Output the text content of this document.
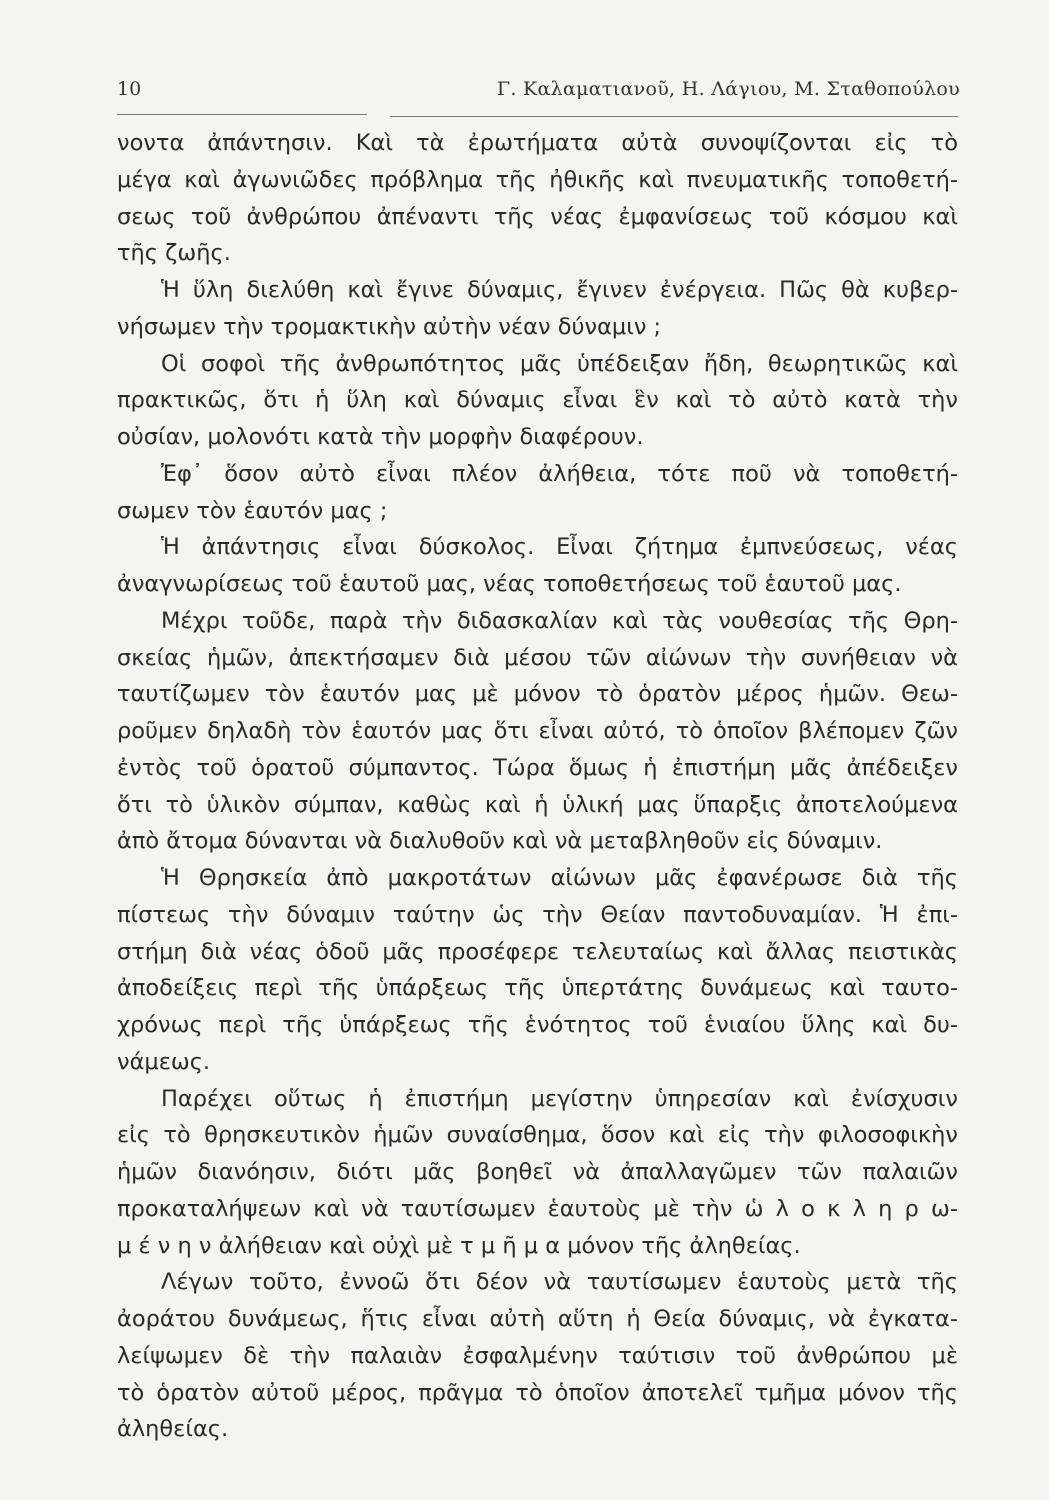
10	Γ. Καλαματιανοῦ, Η. Λάγιου, Μ. Σταθοπούλου
νοντα ἀπάντησιν. Καὶ τὰ ἐρωτήματα αὐτὰ συνοψίζονται εἰς τὸ
μέγα καὶ ἀγωνιῶδες πρόβλημα τῆς ἠθικῆς καὶ πνευματικῆς τοποθετή-
σεως τοῦ ἀνθρώπου ἀπέναντι τῆς νέας ἐμφανίσεως τοῦ κόσμου καὶ
τῆς ζωῆς.
Ἡ ὕλη διελύθη καὶ ἔγινε δύναμις, ἔγινεν ἐνέργεια. Πῶς θὰ κυβερ-
νήσωμεν τὴν τρομακτικὴν αὐτὴν νέαν δύναμιν ;
Οἱ σοφοὶ τῆς ἀνθρωπότητος μᾶς ὑπέδειξαν ἤδη, θεωρητικῶς καὶ
πρακτικῶς, ὅτι ἡ ὕλη καὶ δύναμις εἶναι ἓν καὶ τὸ αὐτὸ κατὰ τὴν
οὐσίαν, μολονότι κατὰ τὴν μορφὴν διαφέρουν.
Ἐφ᾽ ὅσον αὐτὸ εἶναι πλέον ἀλήθεια, τότε ποῦ νὰ τοποθετή-
σωμεν τὸν ἑαυτόν μας ;
Ἡ ἀπάντησις εἶναι δύσκολος. Εἶναι ζήτημα ἐμπνεύσεως, νέας
ἀναγνωρίσεως τοῦ ἑαυτοῦ μας, νέας τοποθετήσεως τοῦ ἑαυτοῦ μας.
Μέχρι τοῦδε, παρὰ τὴν διδασκαλίαν καὶ τὰς νουθεσίας τῆς Θρη-
σκείας ἡμῶν, ἀπεκτήσαμεν διὰ μέσου τῶν αἰώνων τὴν συνήθειαν νὰ
ταυτίζωμεν τὸν ἑαυτόν μας μὲ μόνον τὸ ὁρατὸν μέρος ἡμῶν. Θεω-
ροῦμεν δηλαδὴ τὸν ἑαυτόν μας ὅτι εἶναι αὐτό, τὸ ὁποῖον βλέπομεν ζῶν
ἐντὸς τοῦ ὁρατοῦ σύμπαντος. Τώρα ὅμως ἡ ἐπιστήμη μᾶς ἀπέδειξεν
ὅτι τὸ ὑλικὸν σύμπαν, καθὼς καὶ ἡ ὑλική μας ὕπαρξις ἀποτελούμενα
ἀπὸ ἄτομα δύνανται νὰ διαλυθοῦν καὶ νὰ μεταβληθοῦν εἰς δύναμιν.
Ἡ Θρησκεία ἀπὸ μακροτάτων αἰώνων μᾶς ἐφανέρωσε διὰ τῆς
πίστεως τὴν δύναμιν ταύτην ὡς τὴν Θείαν παντοδυναμίαν. Ἡ ἐπι-
στήμη διὰ νέας ὁδοῦ μᾶς προσέφερε τελευταίως καὶ ἄλλας πειστικὰς
ἀποδείξεις περὶ τῆς ὑπάρξεως τῆς ὑπερτάτης δυνάμεως καὶ ταυτο-
χρόνως περὶ τῆς ὑπάρξεως τῆς ἑνότητος τοῦ ἑνιαίου ὕλης καὶ δυ-
νάμεως.
Παρέχει οὕτως ἡ ἐπιστήμη μεγίστην ὑπηρεσίαν καὶ ἐνίσχυσιν
εἰς τὸ θρησκευτικὸν ἡμῶν συναίσθημα, ὅσον καὶ εἰς τὴν φιλοσοφικὴν
ἡμῶν διανόησιν, διότι μᾶς βοηθεῖ νὰ ἀπαλλαγῶμεν τῶν παλαιῶν
προκαταλήψεων καὶ νὰ ταυτίσωμεν ἑαυτοὺς μὲ τὴν ὡ λ ο κ λ η ρ ω-
μ έ ν η ν ἀλήθειαν καὶ οὐχὶ μὲ τ μ ῆ μ α μόνον τῆς ἀληθείας.
Λέγων τοῦτο, ἐννοῶ ὅτι δέον νὰ ταυτίσωμεν ἑαυτοὺς μετὰ τῆς
ἀοράτου δυνάμεως, ἥτις εἶναι αὐτὴ αὕτη ἡ Θεία δύναμις, νὰ ἐγκατα-
λείψωμεν δὲ τὴν παλαιὰν ἐσφαλμένην ταύτισιν τοῦ ἀνθρώπου μὲ
τὸ ὁρατὸν αὐτοῦ μέρος, πρᾶγμα τὸ ὁποῖον ἀποτελεῖ τμῆμα μόνον τῆς
ἀληθείας.
